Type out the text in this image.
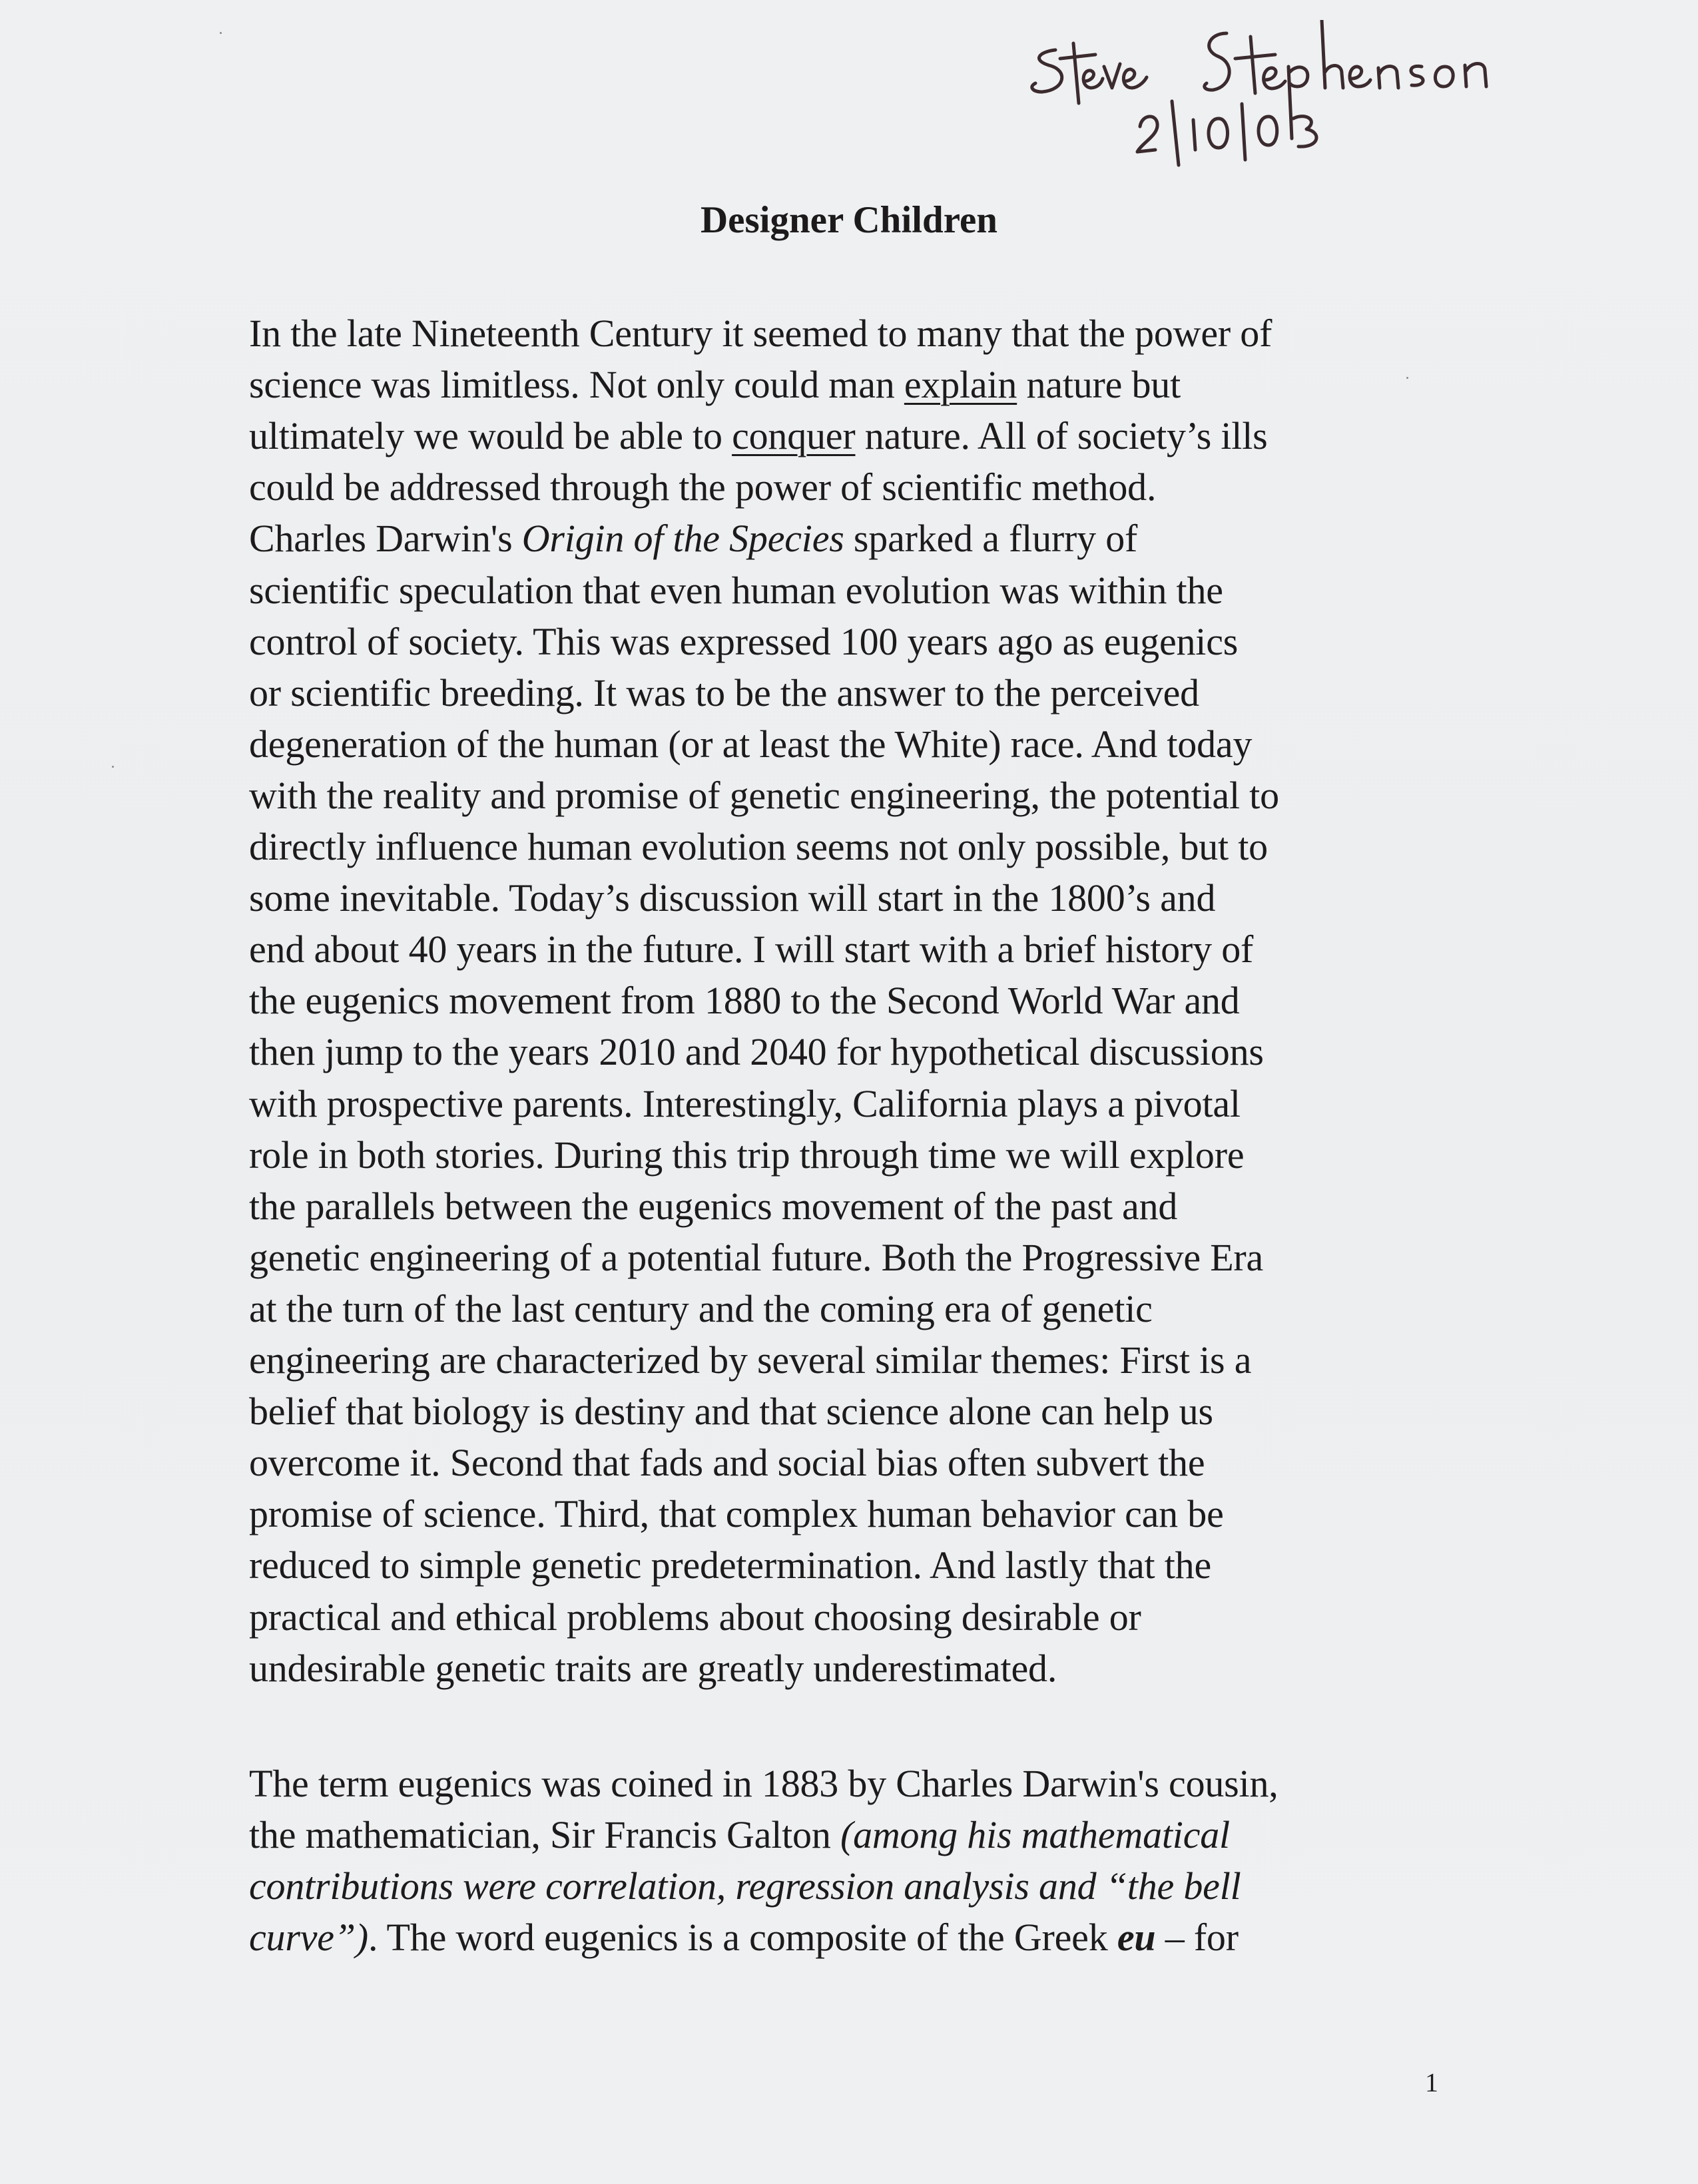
Designer Children
In the late Nineteenth Century it seemed to many that the power of
science was limitless. Not only could man explain nature but
ultimately we would be able to conquer nature. All of society’s ills
could be addressed through the power of scientific method.
Charles Darwin's Origin of the Species sparked a flurry of
scientific speculation that even human evolution was within the
control of society. This was expressed 100 years ago as eugenics
or scientific breeding. It was to be the answer to the perceived
degeneration of the human (or at least the White) race. And today
with the reality and promise of genetic engineering, the potential to
directly influence human evolution seems not only possible, but to
some inevitable. Today’s discussion will start in the 1800’s and
end about 40 years in the future. I will start with a brief history of
the eugenics movement from 1880 to the Second World War and
then jump to the years 2010 and 2040 for hypothetical discussions
with prospective parents. Interestingly, California plays a pivotal
role in both stories. During this trip through time we will explore
the parallels between the eugenics movement of the past and
genetic engineering of a potential future. Both the Progressive Era
at the turn of the last century and the coming era of genetic
engineering are characterized by several similar themes: First is a
belief that biology is destiny and that science alone can help us
overcome it. Second that fads and social bias often subvert the
promise of science. Third, that complex human behavior can be
reduced to simple genetic predetermination. And lastly that the
practical and ethical problems about choosing desirable or
undesirable genetic traits are greatly underestimated.
The term eugenics was coined in 1883 by Charles Darwin's cousin,
the mathematician, Sir Francis Galton (among his mathematical
contributions were correlation, regression analysis and “the bell
curve”). The word eugenics is a composite of the Greek eu – for
1
